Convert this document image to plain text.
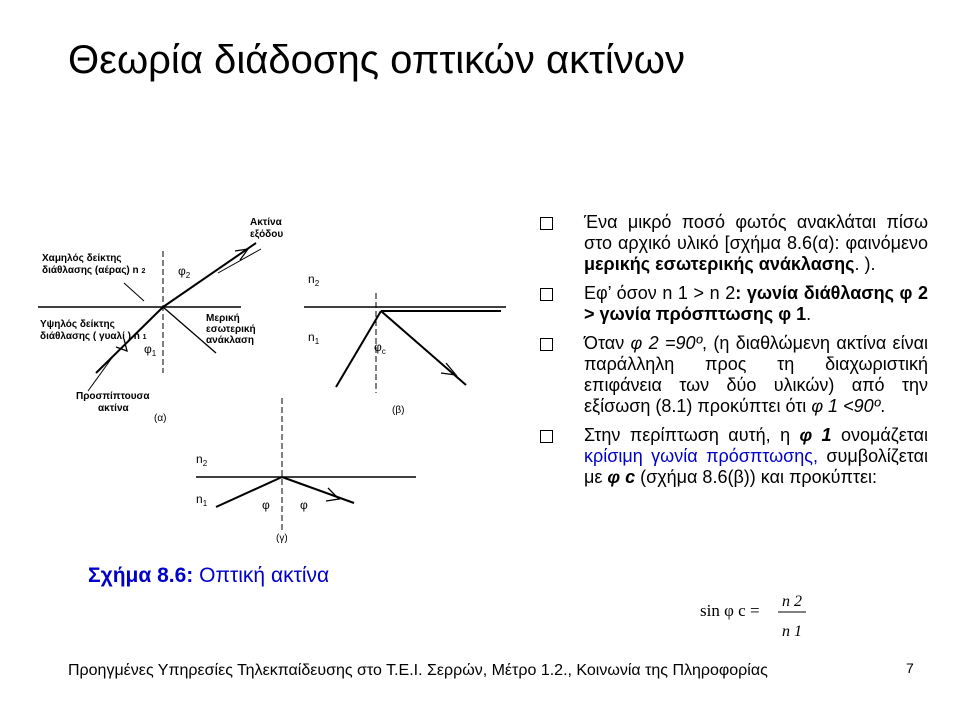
Θεωρία διάδοσης οπτικών ακτίνων
Χαμηλός δείκτης διάθλασης (αέρας) n 2
Υψηλός δείκτης διάθλασης ( γυαλί ) n 1
Ακτίνα εξόδου
Μερική εσωτερική ανάκλαση
Προσπίπτουσα ακτίνα
$\varphi_2$
$\varphi_1$
(α)
$n_2$
$n_1$	$\varphi_c$
(β)
$n_2$
$n_1$	φ	φ
(γ)
Σχήμα 8.6: Οπτική ακτίνα
Ένα μικρό ποσό φωτός ανακλάται πίσω στο αρχικό υλικό [σχήμα 8.6(α): φαινόμενο μερικής εσωτερικής ανάκλασης. ).
Εφ’ όσον n 1 > n 2: γωνία διάθλασης φ 2 > γωνία πρόσπτωσης φ 1.
Όταν φ 2 =90º, (η διαθλώμενη ακτίνα είναι παράλληλη προς τη διαχωριστική επιφάνεια των δύο υλικών) από την εξίσωση (8.1) προκύπτει ότι φ 1 <90º.
Στην περίπτωση αυτή, η φ 1 ονομάζεται κρίσιμη γωνία πρόσπτωσης, συμβολίζεται με φ c (σχήμα 8.6(β)) και προκύπτει:
sin φ c = n 2
n 1
Προηγμένες Υπηρεσίες Τηλεκπαίδευσης στο Τ.Ε.Ι. Σερρών, Μέτρο 1.2., Κοινωνία της Πληροφορίας	7
